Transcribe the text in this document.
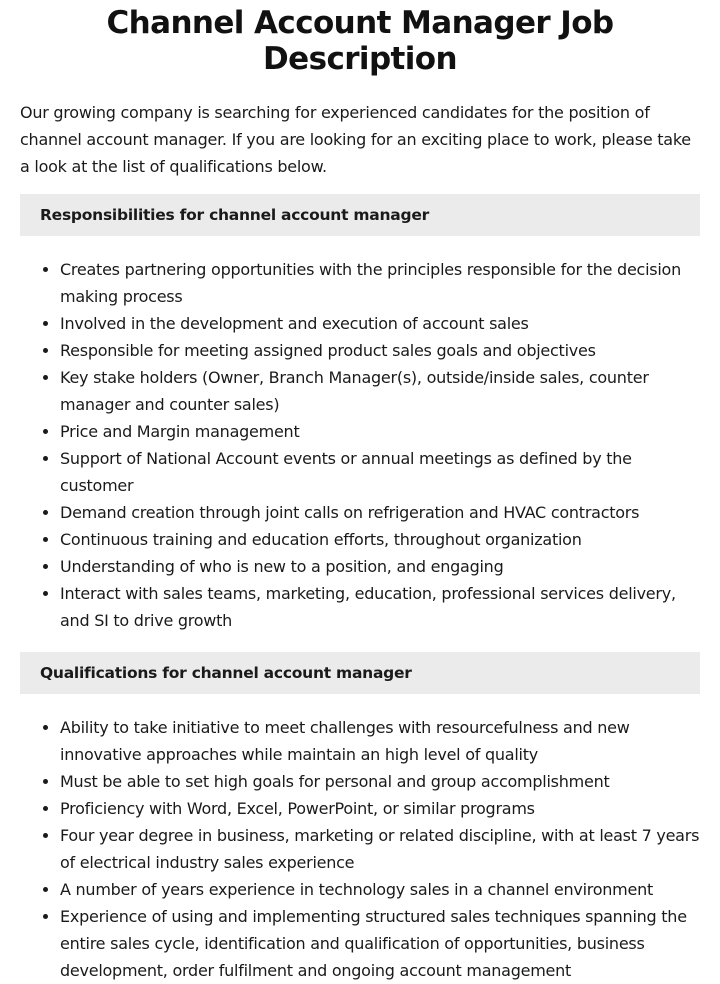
Channel Account Manager Job Description

Our growing company is searching for experienced candidates for the position of channel account manager. If you are looking for an exciting place to work, please take a look at the list of qualifications below.

Responsibilities for channel account manager
• Creates partnering opportunities with the principles responsible for the decision making process
• Involved in the development and execution of account sales
• Responsible for meeting assigned product sales goals and objectives
• Key stake holders (Owner, Branch Manager(s), outside/inside sales, counter manager and counter sales)
• Price and Margin management
• Support of National Account events or annual meetings as defined by the customer
• Demand creation through joint calls on refrigeration and HVAC contractors
• Continuous training and education efforts, throughout organization
• Understanding of who is new to a position, and engaging
• Interact with sales teams, marketing, education, professional services delivery, and SI to drive growth
Qualifications for channel account manager
• Ability to take initiative to meet challenges with resourcefulness and new innovative approaches while maintain an high level of quality
• Must be able to set high goals for personal and group accomplishment
• Proficiency with Word, Excel, PowerPoint, or similar programs
• Four year degree in business, marketing or related discipline, with at least 7 years of electrical industry sales experience
• A number of years experience in technology sales in a channel environment
• Experience of using and implementing structured sales techniques spanning the entire sales cycle, identification and qualification of opportunities, business development, order fulfilment and ongoing account management
